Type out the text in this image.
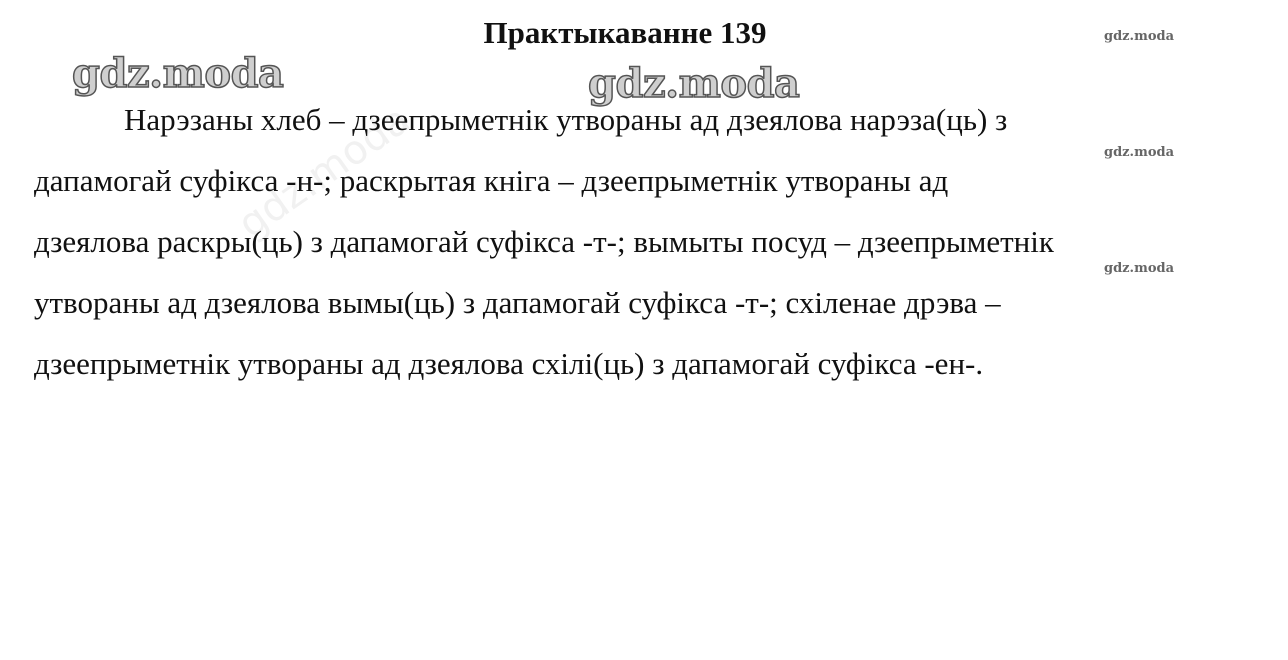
gdz.moda
Практыкаванне 139	gdz.moda
gdz.moda
gdz.moda
Нарэзаны хлеб – дзеепрыметнік утвораны ад дзеялова нарэза(ць) з
дапамогай суфікса -н-; раскрытая кніга – дзеепрыметнік утвораны ад
дзеялова раскры(ць) з дапамогай суфікса -т-; вымыты посуд – дзеепрыметнік
утвораны ад дзеялова вымы(ць) з дапамогай суфікса -т-; схіленае дрэва –
дзеепрыметнік утвораны ад дзеялова схілі(ць) з дапамогай суфікса -ен-.
gdz.moda	gdz.moda
